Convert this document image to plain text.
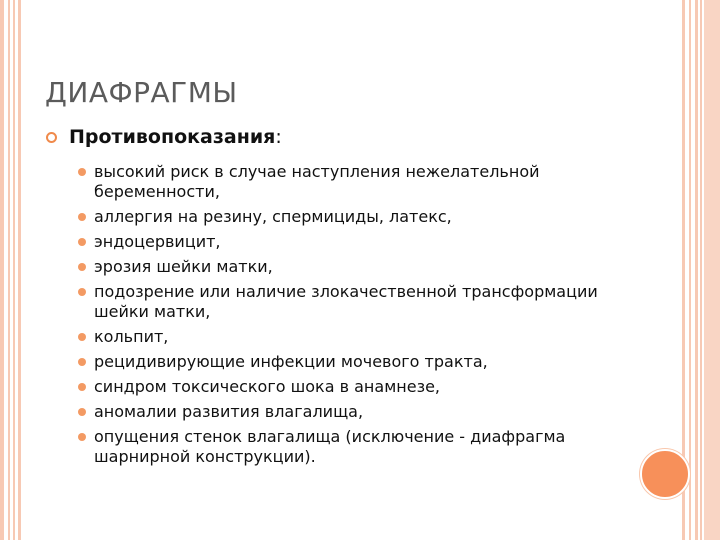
ДИАФРАГМЫ
Противопоказания :
высокий риск в случае наступления нежелательной беременности,
аллергия на резину, спермициды, латекс,
эндоцервицит,
эрозия шейки матки,
подозрение или наличие злокачественной трансформации шейки матки,
кольпит,
рецидивирующие инфекции мочевого тракта,
синдром токсического шока в анамнезе,
аномалии развития влагалища,
опущения стенок влагалища (исключение - диафрагма шарнирной конструкции).
